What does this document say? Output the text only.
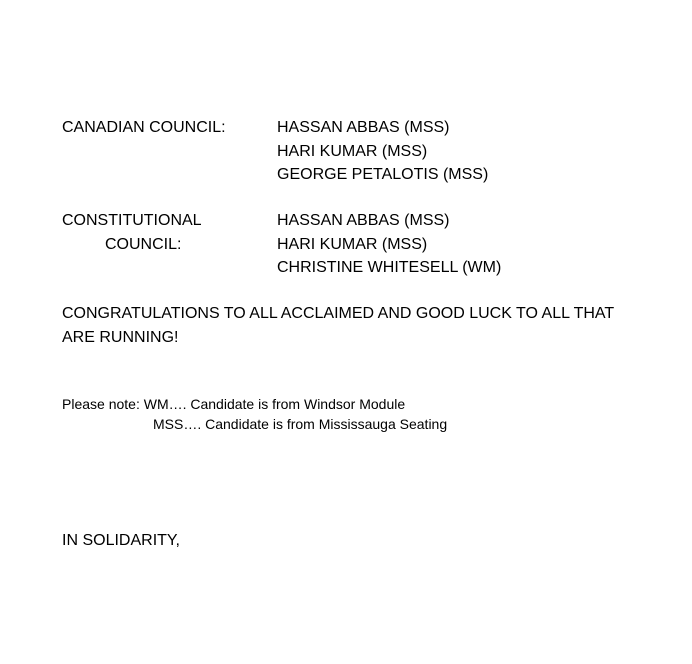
CANADIAN COUNCIL:	HASSAN ABBAS (MSS)
HARI KUMAR (MSS)
GEORGE PETALOTIS (MSS)
CONSTITUTIONAL
COUNCIL:
HASSAN ABBAS (MSS)
HARI KUMAR (MSS)
CHRISTINE WHITESELL (WM)
CONGRATULATIONS TO ALL ACCLAIMED AND GOOD LUCK TO ALL THAT
ARE RUNNING!
Please note: WM…. Candidate is from Windsor Module
MSS…. Candidate is from Mississauga Seating
IN SOLIDARITY,
